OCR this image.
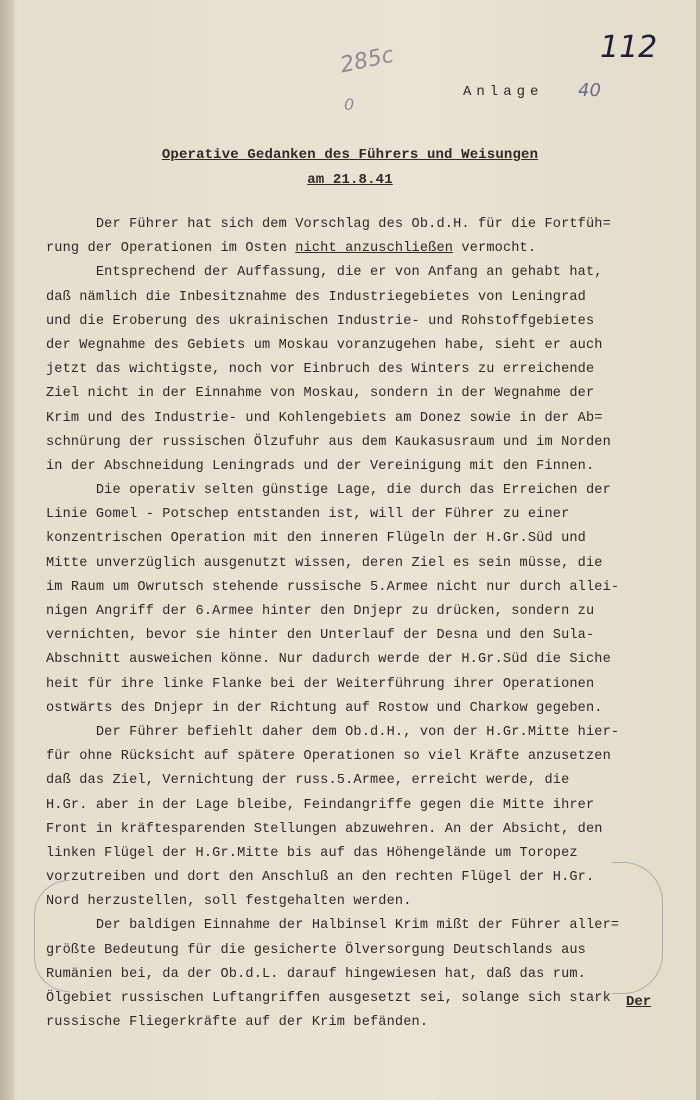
112
40
285c
0
Anlage
Operative Gedanken des Führers und Weisungen
am 21.8.41
Der Führer hat sich dem Vorschlag des Ob.d.H. für die Fortfüh=
rung der Operationen im Osten nicht anzuschließen vermocht.
Entsprechend der Auffassung, die er von Anfang an gehabt hat,
daß nämlich die Inbesitznahme des Industriegebietes von Leningrad
und die Eroberung des ukrainischen Industrie- und Rohstoffgebietes
der Wegnahme des Gebiets um Moskau voranzugehen habe, sieht er auch
jetzt das wichtigste, noch vor Einbruch des Winters zu erreichende
Ziel nicht in der Einnahme von Moskau, sondern in der Wegnahme der
Krim und des Industrie- und Kohlengebiets am Donez sowie in der Ab=
schnürung der russischen Ölzufuhr aus dem Kaukasusraum und im Norden
in der Abschneidung Leningrads und der Vereinigung mit den Finnen.
Die operativ selten günstige Lage, die durch das Erreichen der
Linie Gomel - Potschep entstanden ist, will der Führer zu einer
konzentrischen Operation mit den inneren Flügeln der H.Gr.Süd und
Mitte unverzüglich ausgenutzt wissen, deren Ziel es sein müsse, die
im Raum um Owrutsch stehende russische 5.Armee nicht nur durch allei-
nigen Angriff der 6.Armee hinter den Dnjepr zu drücken, sondern zu
vernichten, bevor sie hinter den Unterlauf der Desna und den Sula-
Abschnitt ausweichen könne. Nur dadurch werde der H.Gr.Süd die Siche
heit für ihre linke Flanke bei der Weiterführung ihrer Operationen
ostwärts des Dnjepr in der Richtung auf Rostow und Charkow gegeben.
Der Führer befiehlt daher dem Ob.d.H., von der H.Gr.Mitte hier-
für ohne Rücksicht auf spätere Operationen so viel Kräfte anzusetzen
daß das Ziel, Vernichtung der russ.5.Armee, erreicht werde, die
H.Gr. aber in der Lage bleibe, Feindangriffe gegen die Mitte ihrer
Front in kräftesparenden Stellungen abzuwehren. An der Absicht, den
linken Flügel der H.Gr.Mitte bis auf das Höhengelände um Toropez
vorzutreiben und dort den Anschluß an den rechten Flügel der H.Gr.
Nord herzustellen, soll festgehalten werden.
Der baldigen Einnahme der Halbinsel Krim mißt der Führer aller=
größte Bedeutung für die gesicherte Ölversorgung Deutschlands aus
Rumänien bei, da der Ob.d.L. darauf hingewiesen hat, daß das rum.
Ölgebiet russischen Luftangriffen ausgesetzt sei, solange sich stark
russische Fliegerkräfte auf der Krim befänden.
Der
